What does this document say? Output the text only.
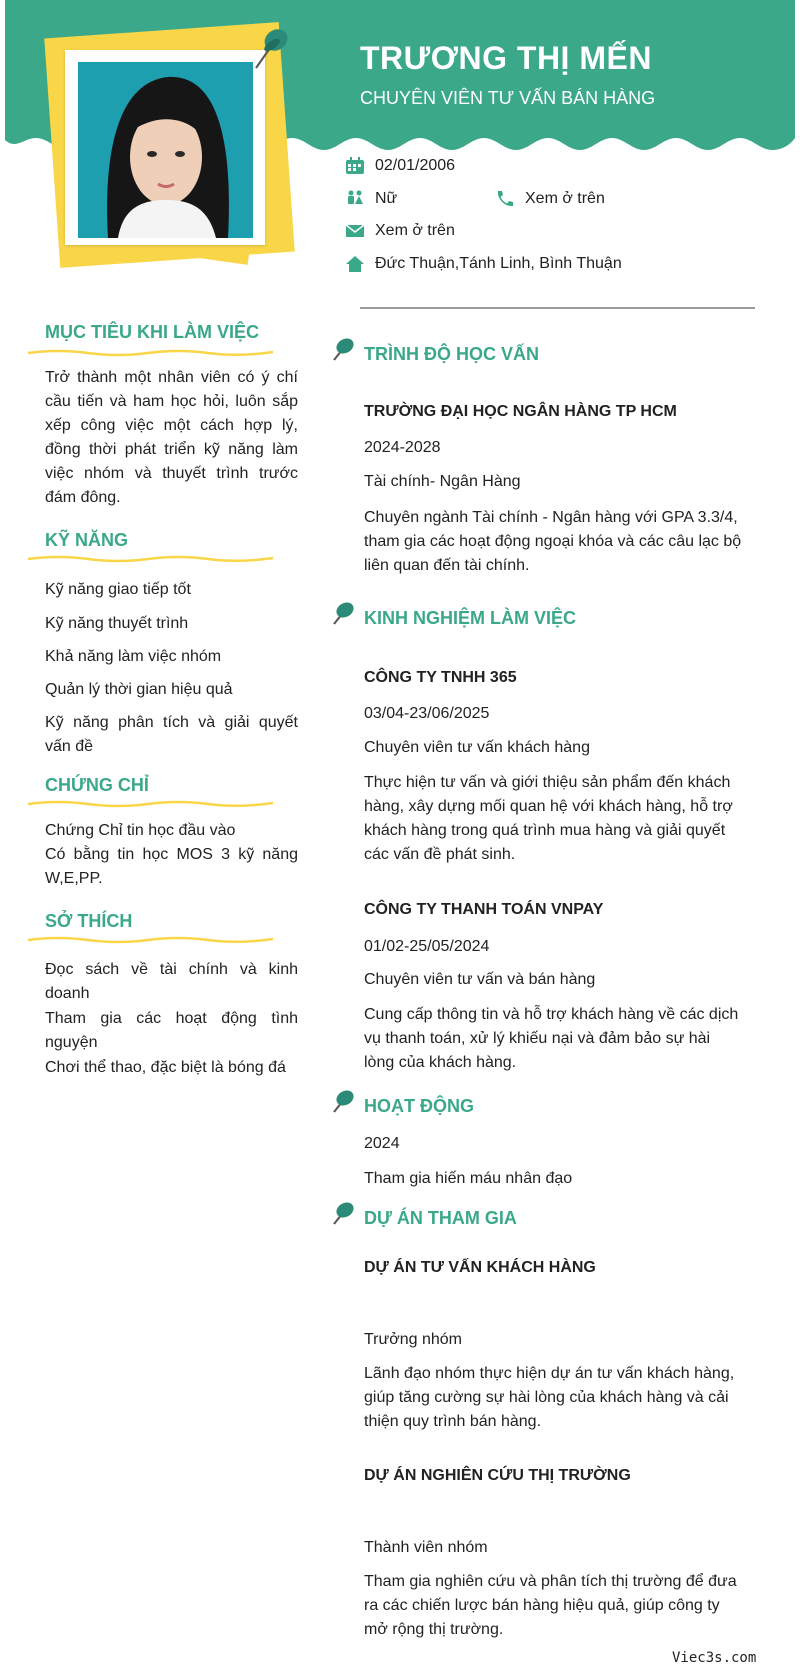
TRƯƠNG THỊ MẾN
CHUYÊN VIÊN TƯ VẤN BÁN HÀNG
02/01/2006
Nữ	Xem ở trên
Xem ở trên
Đức Thuận,Tánh Linh, Bình Thuận
MỤC TIÊU KHI LÀM VIỆC
Trở thành một nhân viên có ý chí cầu tiến và ham học hỏi, luôn sắp xếp công việc một cách hợp lý, đồng thời phát triển kỹ năng làm việc nhóm và thuyết trình trước đám đông.
KỸ NĂNG
Kỹ năng giao tiếp tốt
Kỹ năng thuyết trình
Khả năng làm việc nhóm
Quản lý thời gian hiệu quả
Kỹ năng phân tích và giải quyết vấn đề
CHỨNG CHỈ
Chứng Chỉ tin học đầu vào
Có bằng tin học MOS 3 kỹ năng W,E,PP.
SỞ THÍCH
Đọc sách về tài chính và kinh doanh
Tham gia các hoạt động tình nguyện
Chơi thể thao, đặc biệt là bóng đá
TRÌNH ĐỘ HỌC VẤN
TRƯỜNG ĐẠI HỌC NGÂN HÀNG TP HCM
2024-2028
Tài chính- Ngân Hàng
Chuyên ngành Tài chính - Ngân hàng với GPA 3.3/4, tham gia các hoạt động ngoại khóa và các câu lạc bộ liên quan đến tài chính.
KINH NGHIỆM LÀM VIỆC
CÔNG TY TNHH 365
03/04-23/06/2025
Chuyên viên tư vấn khách hàng
Thực hiện tư vấn và giới thiệu sản phẩm đến khách hàng, xây dựng mối quan hệ với khách hàng, hỗ trợ khách hàng trong quá trình mua hàng và giải quyết các vấn đề phát sinh.
CÔNG TY THANH TOÁN VNPAY
01/02-25/05/2024
Chuyên viên tư vấn và bán hàng
Cung cấp thông tin và hỗ trợ khách hàng về các dịch vụ thanh toán, xử lý khiếu nại và đảm bảo sự hài lòng của khách hàng.
HOẠT ĐỘNG
2024
Tham gia hiến máu nhân đạo
DỰ ÁN THAM GIA
DỰ ÁN TƯ VẤN KHÁCH HÀNG
Trưởng nhóm
Lãnh đạo nhóm thực hiện dự án tư vấn khách hàng, giúp tăng cường sự hài lòng của khách hàng và cải thiện quy trình bán hàng.
DỰ ÁN NGHIÊN CỨU THỊ TRƯỜNG
Thành viên nhóm
Tham gia nghiên cứu và phân tích thị trường để đưa ra các chiến lược bán hàng hiệu quả, giúp công ty mở rộng thị trường.
Viec3s.com
